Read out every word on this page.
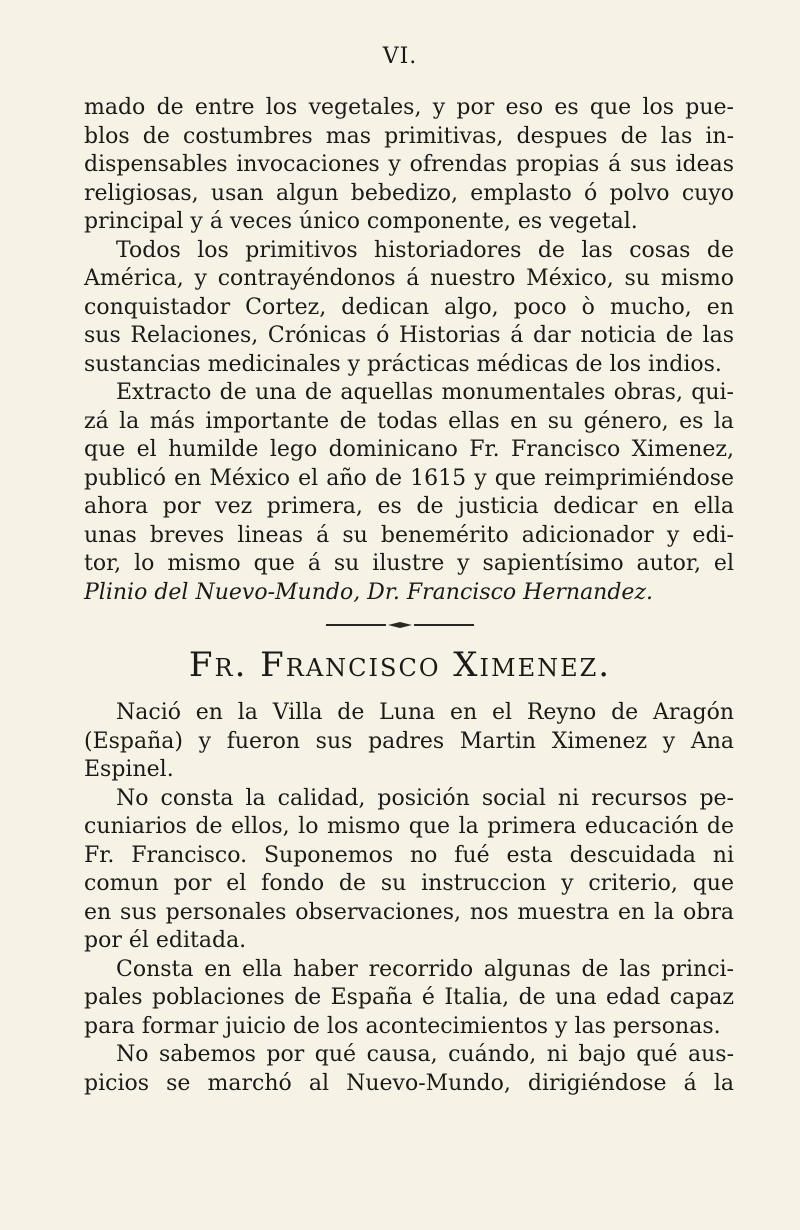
VI.
mado de entre los vegetales, y por eso es que los pue-
blos de costumbres mas primitivas, despues de las in-
dispensables invocaciones y ofrendas propias á sus ideas
religiosas, usan algun bebedizo, emplasto ó polvo cuyo
principal y á veces único componente, es vegetal.
Todos los primitivos historiadores de las cosas de
América, y contrayéndonos á nuestro México, su mismo
conquistador Cortez, dedican algo, poco ò mucho, en
sus Relaciones, Crónicas ó Historias á dar noticia de las
sustancias medicinales y prácticas médicas de los indios.
Extracto de una de aquellas monumentales obras, qui-
zá la más importante de todas ellas en su género, es la
que el humilde lego dominicano Fr. Francisco Ximenez,
publicó en México el año de 1615 y que reimprimiéndose
ahora por vez primera, es de justicia dedicar en ella
unas breves lineas á su benemérito adicionador y edi-
tor, lo mismo que á su ilustre y sapientísimo autor, el
Plinio del Nuevo-Mundo, Dr. Francisco Hernandez.
Fr. Francisco Ximenez.
Nació en la Villa de Luna en el Reyno de Aragón
(España) y fueron sus padres Martin Ximenez y Ana
Espinel.
No consta la calidad, posición social ni recursos pe-
cuniarios de ellos, lo mismo que la primera educación de
Fr. Francisco. Suponemos no fué esta descuidada ni
comun por el fondo de su instruccion y criterio, que
en sus personales observaciones, nos muestra en la obra
por él editada.
Consta en ella haber recorrido algunas de las princi-
pales poblaciones de España é Italia, de una edad capaz
para formar juicio de los acontecimientos y las personas.
No sabemos por qué causa, cuándo, ni bajo qué aus-
picios se marchó al Nuevo-Mundo, dirigiéndose á la
